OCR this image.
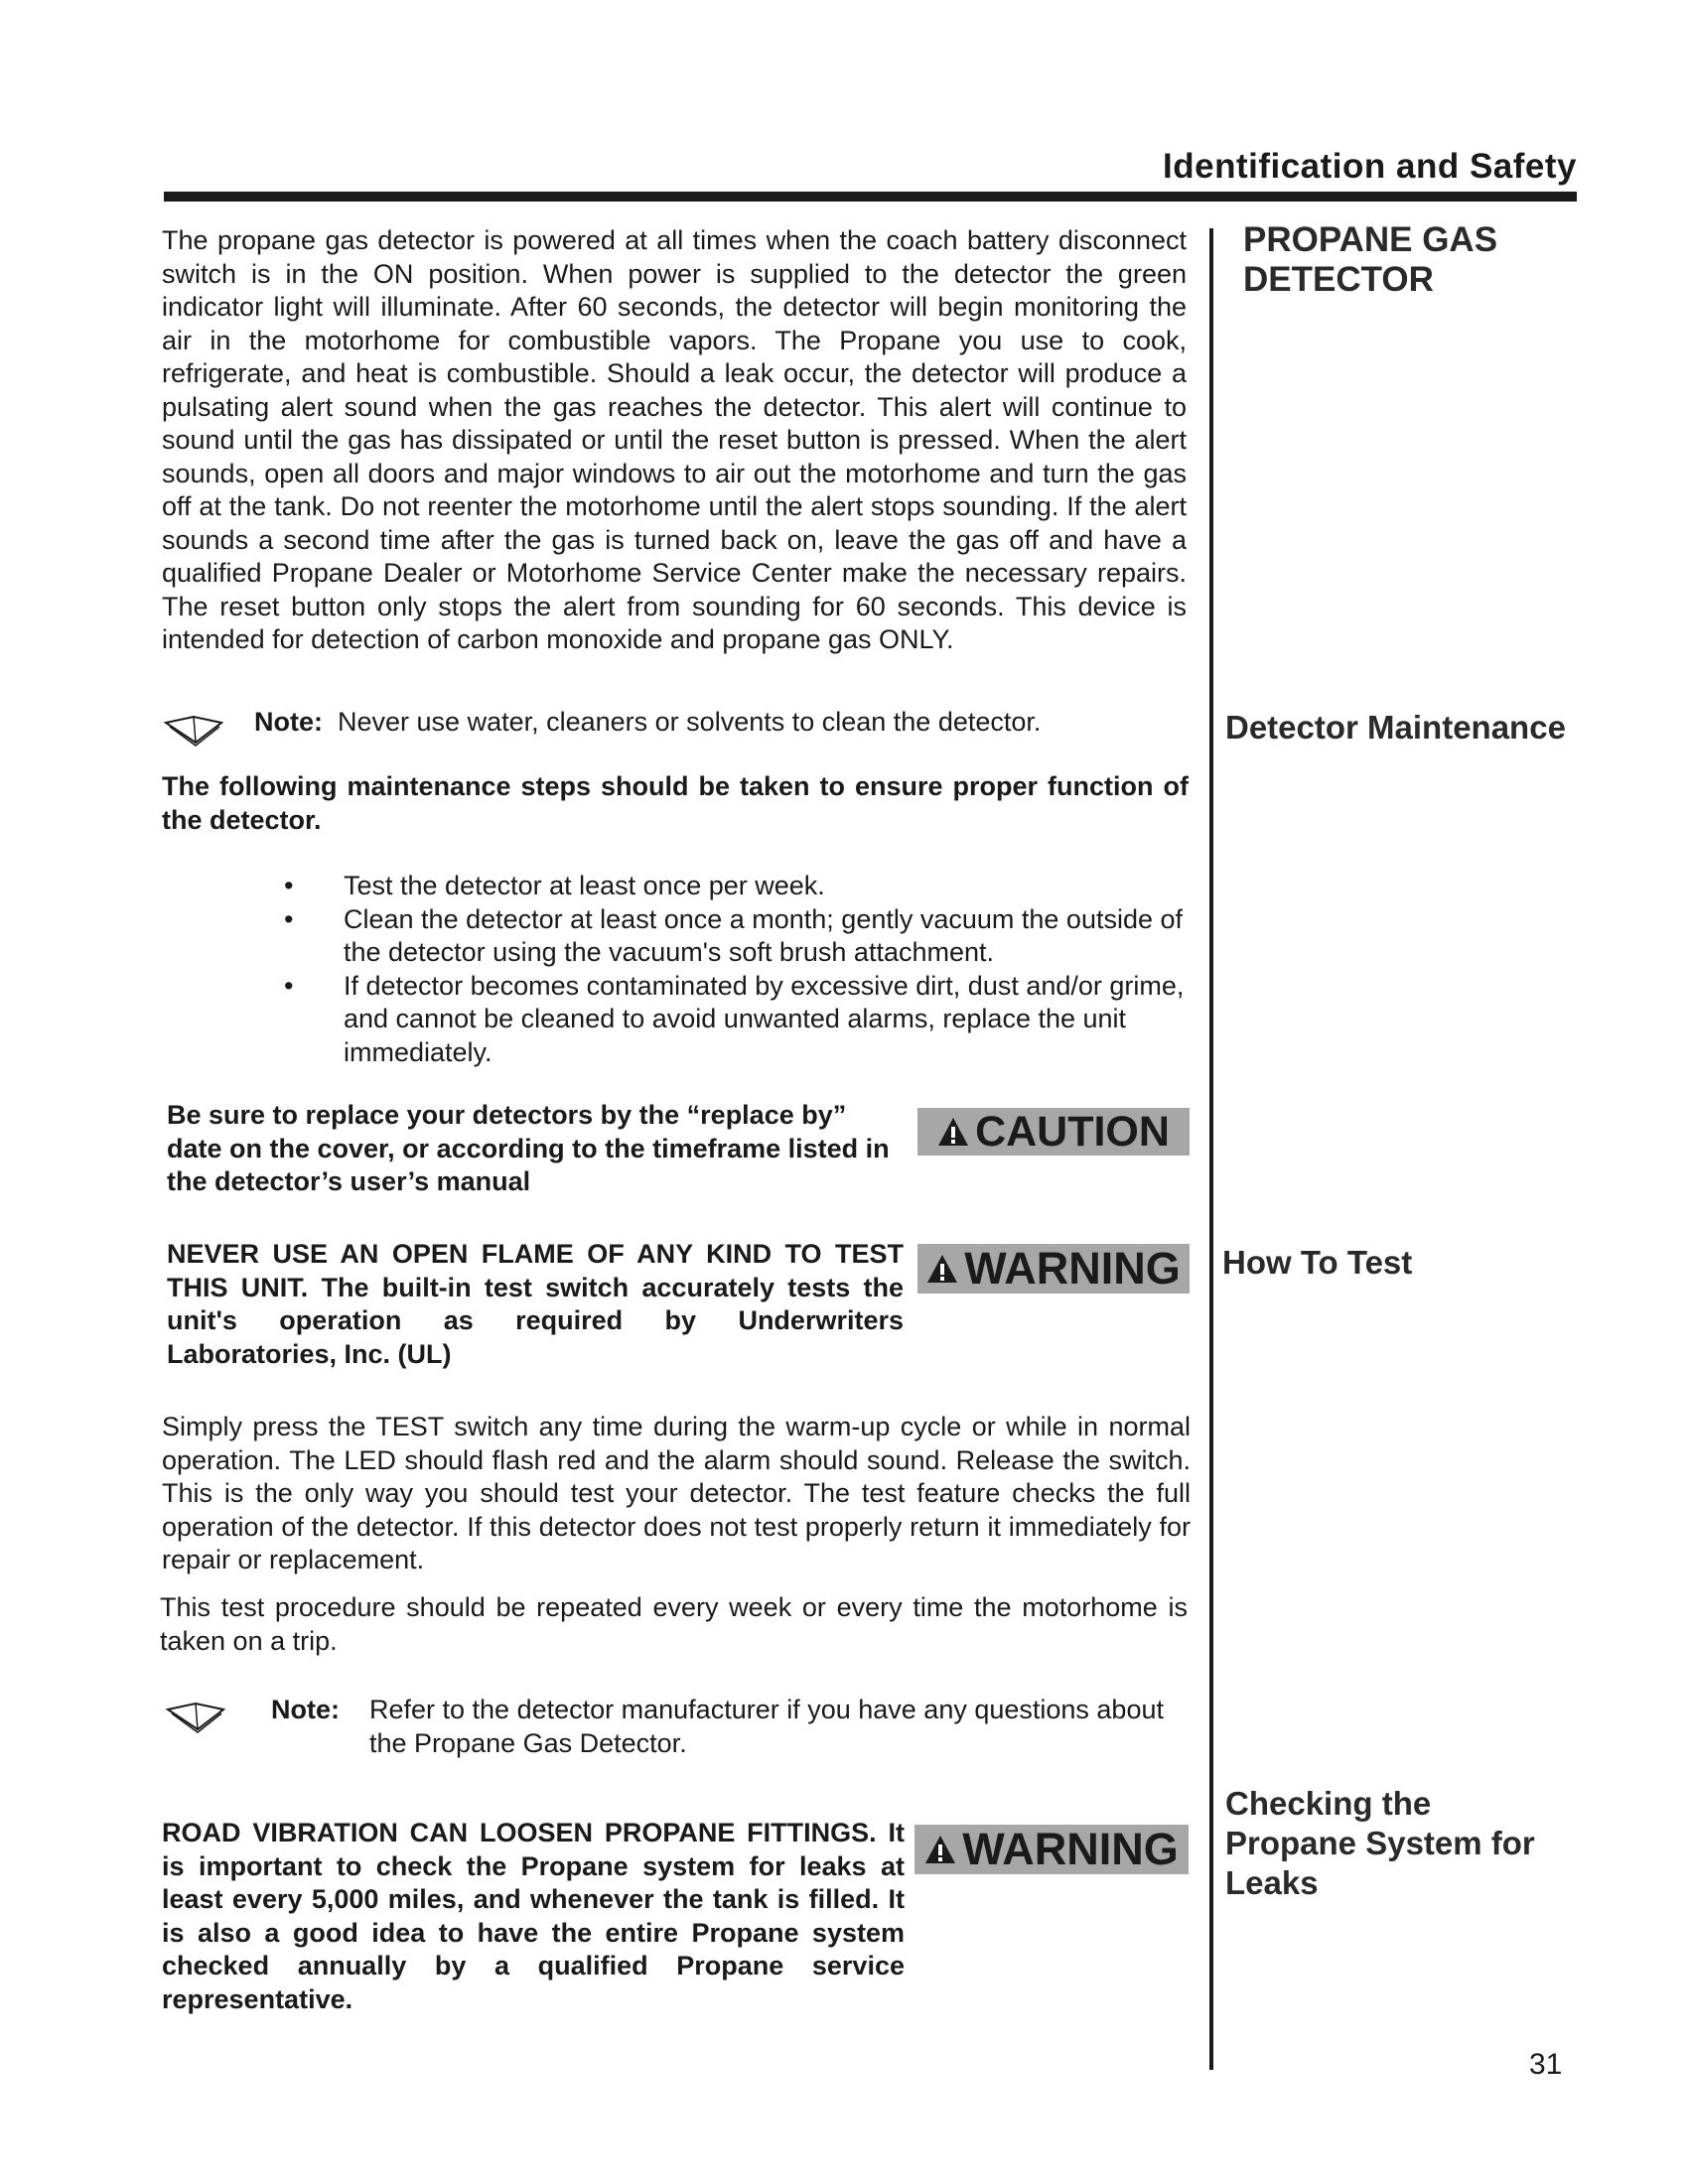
Identification and Safety
PROPANE GAS DETECTOR
Detector Maintenance
How To Test
Checking the Propane System for Leaks
The propane gas detector is powered at all times when the coach battery disconnect switch is in the ON position. When power is supplied to the detector the green indicator light will illuminate. After 60 seconds, the detector will begin monitoring the air in the motorhome for combustible vapors. The Propane you use to cook, refrigerate, and heat is combustible. Should a leak occur, the detector will produce a pulsating alert sound when the gas reaches the detector. This alert will continue to sound until the gas has dissipated or until the reset button is pressed. When the alert sounds, open all doors and major windows to air out the motorhome and turn the gas off at the tank. Do not reenter the motorhome until the alert stops sounding. If the alert sounds a second time after the gas is turned back on, leave the gas off and have a qualified Propane Dealer or Motorhome Service Center make the necessary repairs. The reset button only stops the alert from sounding for 60 seconds. This device is intended for detection of carbon monoxide and propane gas ONLY.
Note: Never use water, cleaners or solvents to clean the detector.
The following maintenance steps should be taken to ensure proper function of the detector.
• Test the detector at least once per week.
• Clean the detector at least once a month; gently vacuum the outside of the detector using the vacuum's soft brush attachment.
• If detector becomes contaminated by excessive dirt, dust and/or grime, and cannot be cleaned to avoid unwanted alarms, replace the unit immediately.
Be sure to replace your detectors by the “replace by” date on the cover, or according to the timeframe listed in the detector’s user’s manual
CAUTION
NEVER USE AN OPEN FLAME OF ANY KIND TO TEST THIS UNIT. The built-in test switch accurately tests the unit's operation as required by Underwriters Laboratories, Inc. (UL)
WARNING
Simply press the TEST switch any time during the warm-up cycle or while in normal operation. The LED should flash red and the alarm should sound. Release the switch. This is the only way you should test your detector. The test feature checks the full operation of the detector. If this detector does not test properly return it immediately for repair or replacement.
This test procedure should be repeated every week or every time the motorhome is taken on a trip.
Note: Refer to the detector manufacturer if you have any questions about the Propane Gas Detector.
ROAD VIBRATION CAN LOOSEN PROPANE FITTINGS. It is important to check the Propane system for leaks at least every 5,000 miles, and whenever the tank is filled. It is also a good idea to have the entire Propane system checked annually by a qualified Propane service representative.
WARNING
31
